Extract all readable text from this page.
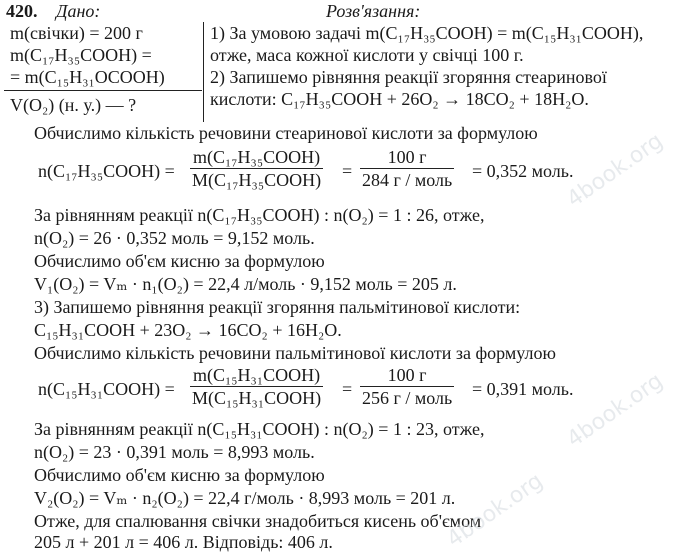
420. Дано:	Розв'язання:
m(свічки) = 200 г
m(C₁₇H₃₅COOH) =
= m(C₁₅H₃₁OCOOH)
V(O₂) (н. у.) — ?
1) За умовою задачі m(C₁₇H₃₅COOH) = m(C₁₅H₃₁COOH),
отже, маса кожної кислоти у свічці 100 г.
2) Запишемо рівняння реакції згоряння стеаринової
кислоти: C₁₇H₃₅COOH + 26O₂ → 18CO₂ + 18H₂O.
Обчислимо кількість речовини стеаринової кислоти за формулою
n(C₁₇H₃₅COOH) =
m(C₁₇H₃₅COOH)
M(C₁₇H₃₅COOH) =
100 г
284 г / моль = 0,352 моль.
За рівнянням реакції n(C₁₇H₃₅COOH) : n(O₂) = 1 : 26, отже,
n(O₂) = 26 · 0,352 моль = 9,152 моль.
Обчислимо об'єм кисню за формулою
V₁(O₂) = Vₘ · n₁(O₂) = 22,4 л/моль · 9,152 моль = 205 л.
3) Запишемо рівняння реакції згоряння пальмітинової кислоти:
C₁₅H₃₁COOH + 23O₂ → 16CO₂ + 16H₂O.
Обчислимо кількість речовини пальмітинової кислоти за формулою
n(C₁₅H₃₁COOH) =
m(C₁₅H₃₁COOH)
M(C₁₅H₃₁COOH) =
100 г
256 г / моль = 0,391 моль.
За рівнянням реакції n(C₁₅H₃₁COOH) : n(O₂) = 1 : 23, отже,
n(O₂) = 23 · 0,391 моль = 8,993 моль.
Обчислимо об'єм кисню за формулою
V₂(O₂) = Vₘ · n₂(O₂) = 22,4 г/моль · 8,993 моль = 201 л.
Отже, для спалювання свічки знадобиться кисень об'ємом
205 л + 201 л = 406 л. Відповідь: 406 л.
4book.org
4book.org
4book.org
